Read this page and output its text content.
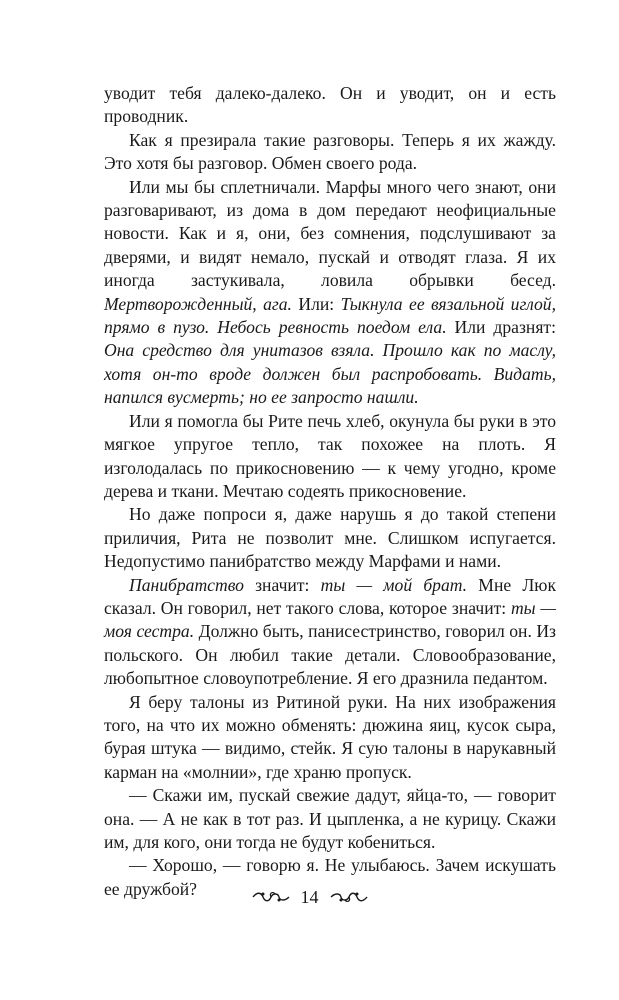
уводит тебя далеко-далеко. Он и уводит, он и есть проводник.

Как я презирала такие разговоры. Теперь я их жажду. Это хотя бы разговор. Обмен своего рода.

Или мы бы сплетничали. Марфы много чего знают, они разговаривают, из дома в дом передают неофициальные новости. Как и я, они, без сомнения, подслушивают за дверями, и видят немало, пускай и отводят глаза. Я их иногда застукивала, ловила обрывки бесед. Мертворожденный, ага. Или: Тыкнула ее вязальной иглой, прямо в пузо. Небось ревность поедом ела. Или дразнят: Она средство для унитазов взяла. Прошло как по маслу, хотя он-то вроде должен был распробовать. Видать, напился вусмерть; но ее запросто нашли.

Или я помогла бы Рите печь хлеб, окунула бы руки в это мягкое упругое тепло, так похожее на плоть. Я изголодалась по прикосновению — к чему угодно, кроме дерева и ткани. Мечтаю содеять прикосновение.

Но даже попроси я, даже нарушь я до такой степени приличия, Рита не позволит мне. Слишком испугается. Недопустимо панибратство между Марфами и нами.

Панибратство значит: ты — мой брат. Мне Люк сказал. Он говорил, нет такого слова, которое значит: ты — моя сестра. Должно быть, панисестринство, говорил он. Из польского. Он любил такие детали. Словообразование, любопытное словоупотребление. Я его дразнила педантом.

Я беру талоны из Ритиной руки. На них изображения того, на что их можно обменять: дюжина яиц, кусок сыра, бурая штука — видимо, стейк. Я сую талоны в нарукавный карман на «молнии», где храню пропуск.

— Скажи им, пускай свежие дадут, яйца-то, — говорит она. — А не как в тот раз. И цыпленка, а не курицу. Скажи им, для кого, они тогда не будут кобениться.

— Хорошо, — говорю я. Не улыбаюсь. Зачем искушать ее дружбой?	14
